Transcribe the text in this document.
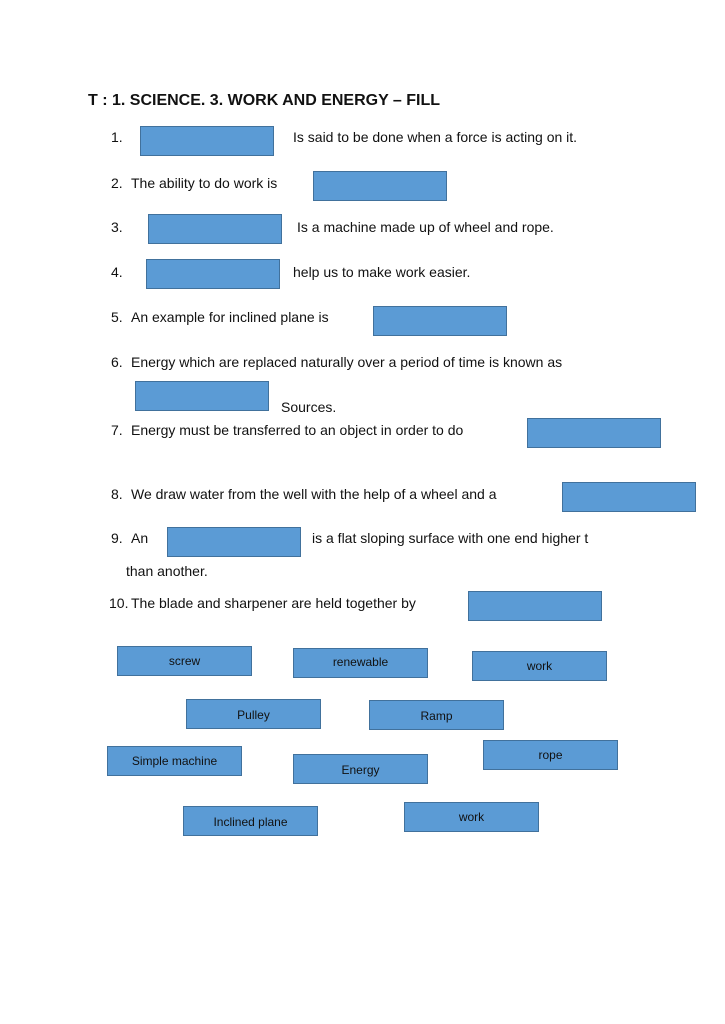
T : 1. SCIENCE. 3. WORK AND ENERGY – FILL
1.	Is said to be done when a force is acting on it.
2. The ability to do work is
3.	Is a machine made up of wheel and rope.
4.	help us to make work easier.
5. An example for inclined plane is
6. Energy which are replaced naturally over a period of time is known as
Sources.
7. Energy must be transferred to an object in order to do
8. We draw water from the well with the help of a wheel and a
9. An	is a flat sloping surface with one end higher t
than another.
10. The blade and sharpener are held together by
screw	renewable	work
Pulley	Ramp
rope
Simple machine
Energy
Inclined plane	work
